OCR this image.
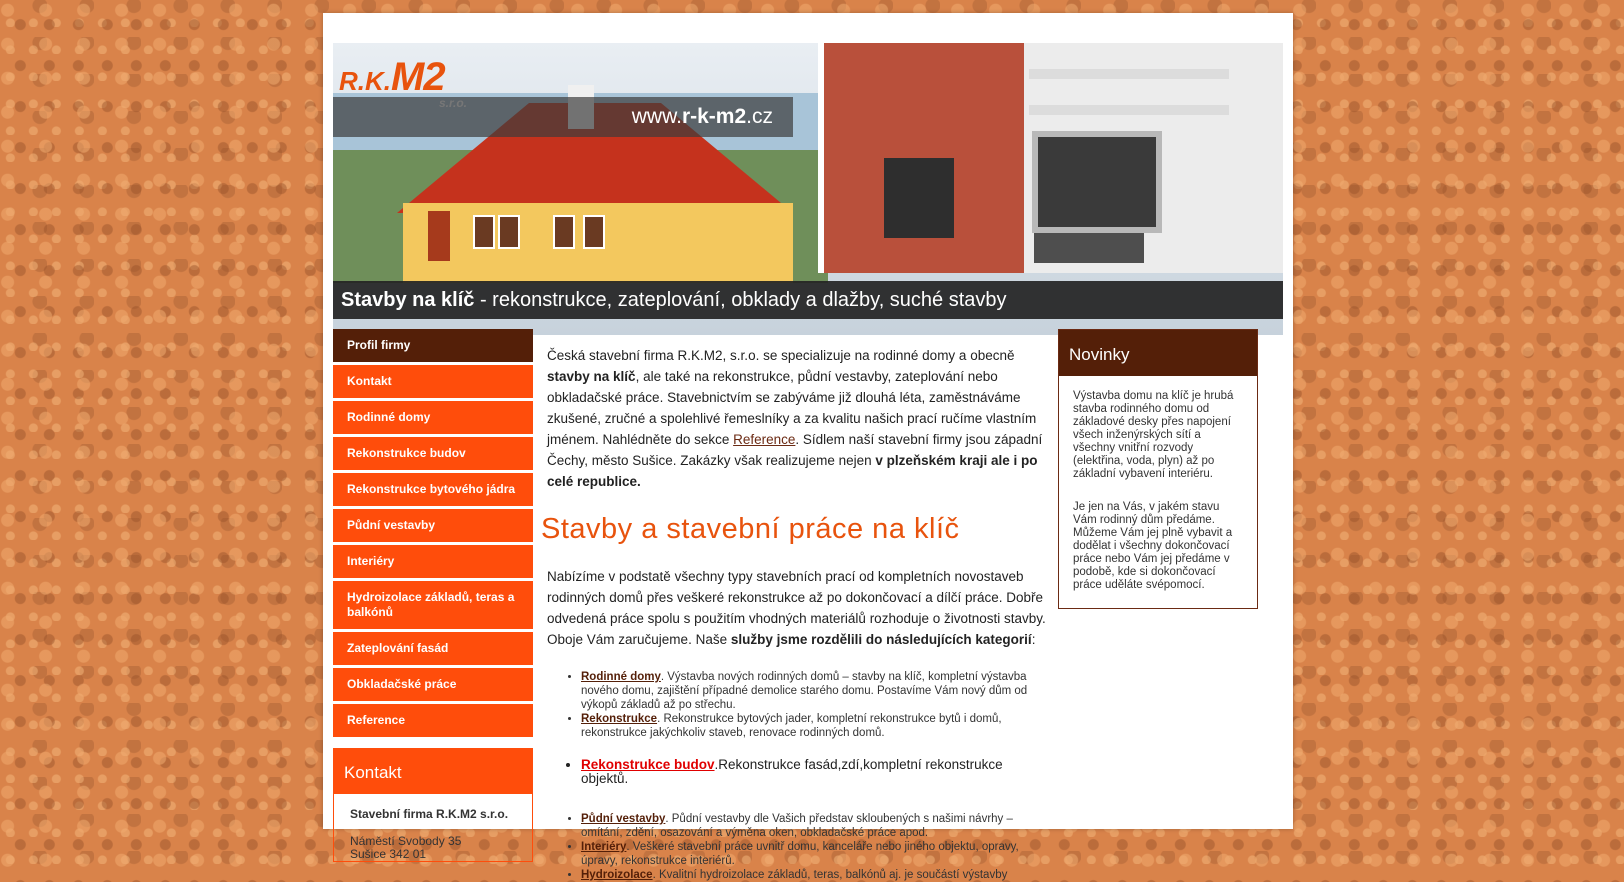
www.r-k-m2.cz
R.K.M2
s.r.o.
Stavby na klíč - rekonstrukce, zateplování, obklady a dlažby, suché stavby
Profil firmy
Kontakt
Rodinné domy
Rekonstrukce budov
Rekonstrukce bytového jádra
Půdní vestavby
Interiéry
Hydroizolace základů, teras a balkónů
Zateplování fasád
Obkladačské práce
Reference
Kontakt
Stavební firma R.K.M2 s.r.o.
Náměstí Svobody 35
Sušice 342 01

Česká stavební firma R.K.M2, s.r.o. se specializuje na rodinné domy a obecně stavby na klíč, ale také na rekonstrukce, půdní vestavby, zateplování nebo obkladačské práce. Stavebnictvím se zabýváme již dlouhá léta, zaměstnáváme zkušené, zručné a spolehlivé řemeslníky a za kvalitu našich prací ručíme vlastním jménem. Nahlédněte do sekce Reference. Sídlem naší stavební firmy jsou západní Čechy, město Sušice. Zakázky však realizujeme nejen v plzeňském kraji ale i po celé republice.

Stavby a stavební práce na klíč

Nabízíme v podstatě všechny typy stavebních prací od kompletních novostaveb rodinných domů přes veškeré rekonstrukce až po dokončovací a dílčí práce. Dobře odvedená práce spolu s použitím vhodných materiálů rozhoduje o životnosti stavby. Oboje Vám zaručujeme. Naše služby jsme rozdělili do následujících kategorií:

• Rodinné domy. Výstavba nových rodinných domů – stavby na klíč, kompletní výstavba nového domu, zajištění případné demolice starého domu. Postavíme Vám nový dům od výkopů základů až po střechu.
• Rekonstrukce. Rekonstrukce bytových jader, kompletní rekonstrukce bytů i domů, rekonstrukce jakýchkoliv staveb, renovace rodinných domů.
• Rekonstrukce budov.Rekonstrukce fasád,zdí,kompletní rekonstrukce objektů.
• Půdní vestavby. Půdní vestavby dle Vašich představ skloubených s našimi návrhy – omítání, zdění, osazování a výměna oken, obkladačské práce apod.
• Interiéry. Veškeré stavební práce uvnitř domu, kanceláře nebo jiného objektu, opravy, úpravy, rekonstrukce interiérů.
• Hydroizolace. Kvalitní hydroizolace základů, teras, balkónů aj. je součástí výstavby
Novinky

Výstavba domu na klíč je hrubá stavba rodinného domu od základové desky přes napojení všech inženýrských sítí a všechny vnitřní rozvody (elektřina, voda, plyn) až po základní vybavení interiéru.

Je jen na Vás, v jakém stavu Vám rodinný dům předáme. Můžeme Vám jej plně vybavit a dodělat i všechny dokončovací práce nebo Vám jej předáme v podobě, kde si dokončovací práce uděláte svépomocí.
